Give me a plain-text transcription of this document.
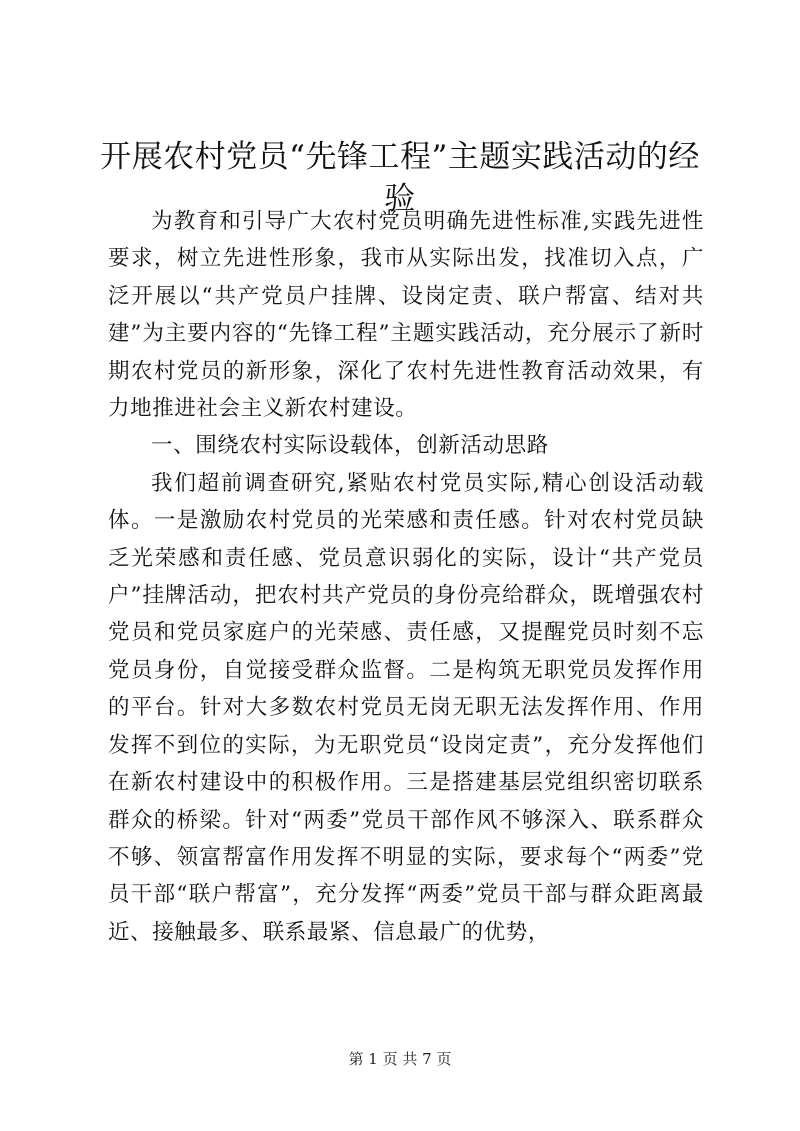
开展农村党员“先锋工程”主题实践活动的经验

为教育和引导广大农村党员明确先进性标准,实践先进性要求，树立先进性形象，我市从实际出发，找准切入点，广泛开展以“共产党员户挂牌、设岗定责、联户帮富、结对共建”为主要内容的“先锋工程”主题实践活动，充分展示了新时期农村党员的新形象，深化了农村先进性教育活动效果，有力地推进社会主义新农村建设。

一、围绕农村实际设载体，创新活动思路

我们超前调查研究,紧贴农村党员实际,精心创设活动载体。一是激励农村党员的光荣感和责任感。针对农村党员缺乏光荣感和责任感、党员意识弱化的实际，设计“共产党员户”挂牌活动，把农村共产党员的身份亮给群众，既增强农村党员和党员家庭户的光荣感、责任感，又提醒党员时刻不忘党员身份，自觉接受群众监督。二是构筑无职党员发挥作用的平台。针对大多数农村党员无岗无职无法发挥作用、作用发挥不到位的实际，为无职党员“设岗定责”，充分发挥他们在新农村建设中的积极作用。三是搭建基层党组织密切联系群众的桥梁。针对“两委”党员干部作风不够深入、联系群众不够、领富帮富作用发挥不明显的实际，要求每个“两委”党员干部“联户帮富”，充分发挥“两委”党员干部与群众距离最近、接触最多、联系最紧、信息最广的优势，

第 1 页 共 7 页
